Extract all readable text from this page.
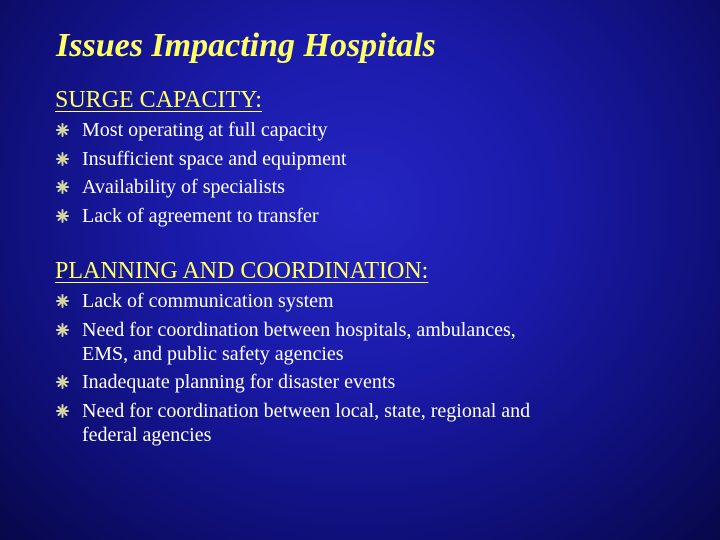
Issues Impacting Hospitals
SURGE CAPACITY:
Most operating at full capacity
Insufficient space and equipment
Availability of specialists
Lack of agreement to transfer
PLANNING AND COORDINATION:
Lack of communication system
Need for coordination between hospitals, ambulances,
EMS, and public safety agencies
Inadequate planning for disaster events
Need for coordination between local, state, regional and
federal agencies
